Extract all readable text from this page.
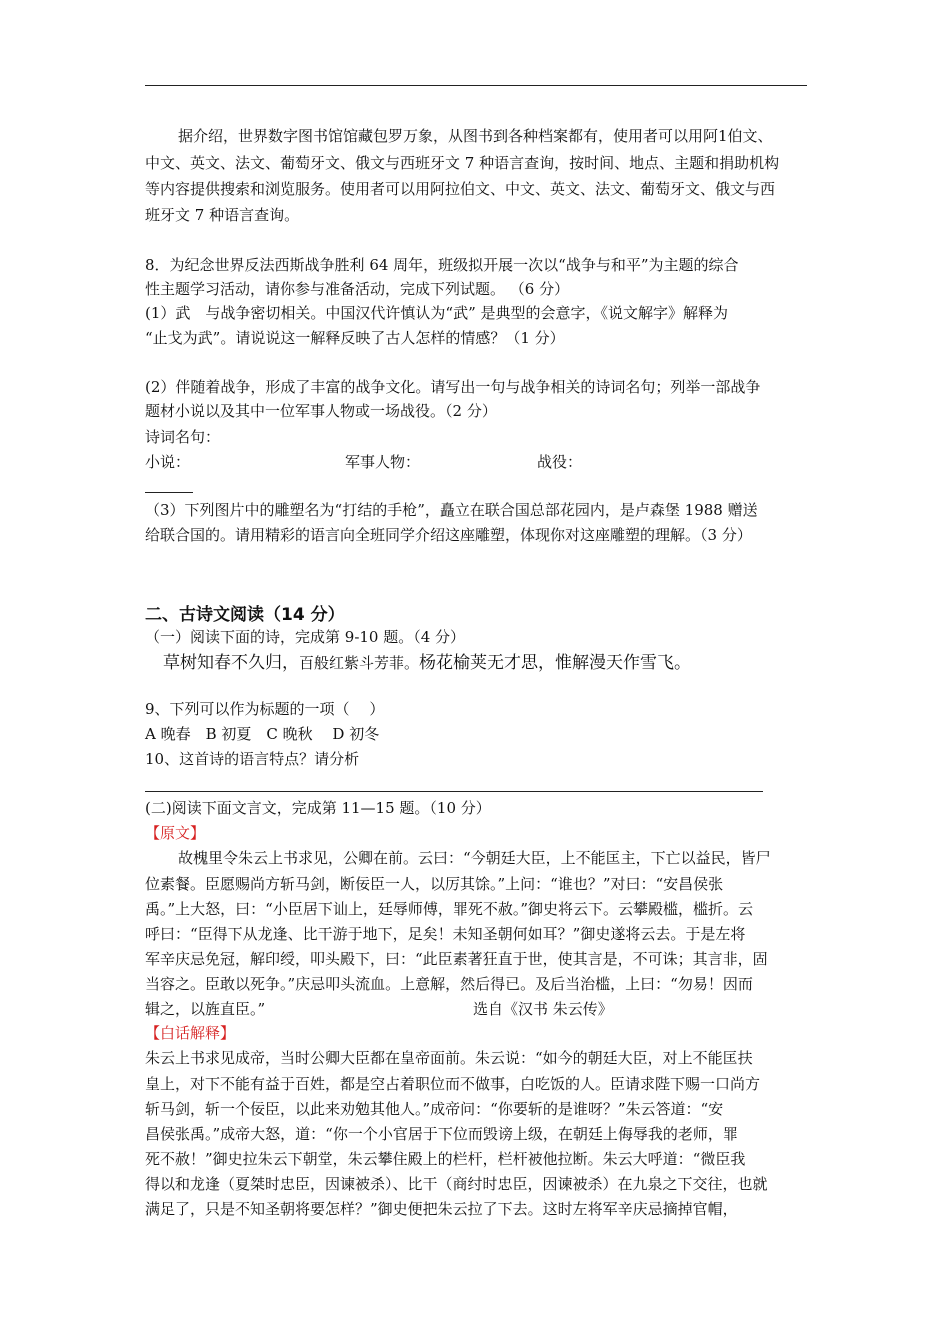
据介绍，世界数字图书馆馆藏包罗万象，从图书到各种档案都有，使用者可以用阿1伯文、
中文、英文、法文、葡萄牙文、俄文与西班牙文 7 种语言查询，按时间、地点、主题和捐助机构
等内容提供搜索和浏览服务。使用者可以用阿拉伯文、中文、英文、法文、葡萄牙文、俄文与西
班牙文 7 种语言查询。
8．为纪念世界反法西斯战争胜利 64 周年，班级拟开展一次以“战争与和平”为主题的综合
性主题学习活动，请你参与准备活动，完成下列试题。 （6 分）
(1）武　与战争密切相关。中国汉代许慎认为“武” 是典型的会意字，《说文解字》解释为
“止戈为武”。请说说这一解释反映了古人怎样的情感？（1 分）
(2）伴随着战争，形成了丰富的战争文化。请写出一句与战争相关的诗词名句；列举一部战争
题材小说以及其中一位军事人物或一场战役。（2 分）
诗词名句：
小说：	军事人物：	战役：
（3）下列图片中的雕塑名为“打结的手枪”，矗立在联合国总部花园内，是卢森堡 1988 赠送
给联合国的。请用精彩的语言向全班同学介绍这座雕塑，体现你对这座雕塑的理解。（3 分）
二、古诗文阅读（14 分）
（一）阅读下面的诗，完成第 9-10 题。（4 分）
草树知春不久归，百般红紫斗芳菲。杨花榆荚无才思，惟解漫天作雪飞。
9、下列可以作为标题的一项（　 ）
A 晚春　B 初夏　C 晚秋　 D 初冬
10、这首诗的语言特点？请分析
(二)阅读下面文言文，完成第 11—15 题。（10 分）
【原文】
故槐里令朱云上书求见，公卿在前。云曰：“今朝廷大臣，上不能匡主，下亡以益民，皆尸
位素餐。臣愿赐尚方斩马剑，断佞臣一人，以厉其馀。”上问：“谁也？”对曰：“安昌侯张
禹。”上大怒，曰：“小臣居下讪上，廷辱师傅，罪死不赦。”御史将云下。云攀殿槛，槛折。云
呼曰：“臣得下从龙逢、比干游于地下，足矣！未知圣朝何如耳？”御史遂将云去。于是左将
军辛庆忌免冠，解印绶，叩头殿下，曰：“此臣素著狂直于世，使其言是，不可诛；其言非，固
当容之。臣敢以死争。”庆忌叩头流血。上意解，然后得已。及后当治槛，上曰：“勿易！因而
辑之，以旌直臣。”	选自《汉书 朱云传》
【白话解释】
朱云上书求见成帝，当时公卿大臣都在皇帝面前。朱云说：“如今的朝廷大臣，对上不能匡扶
皇上，对下不能有益于百姓，都是空占着职位而不做事，白吃饭的人。臣请求陛下赐一口尚方
斩马剑，斩一个佞臣，以此来劝勉其他人。”成帝问：“你要斩的是谁呀？”朱云答道：“安
昌侯张禹。”成帝大怒，道：“你一个小官居于下位而毁谤上级，在朝廷上侮辱我的老师，罪
死不赦！”御史拉朱云下朝堂，朱云攀住殿上的栏杆，栏杆被他拉断。朱云大呼道：“微臣我
得以和龙逢（夏桀时忠臣，因谏被杀）、比干（商纣时忠臣，因谏被杀）在九泉之下交往，也就
满足了，只是不知圣朝将要怎样？”御史便把朱云拉了下去。这时左将军辛庆忌摘掉官帽，
